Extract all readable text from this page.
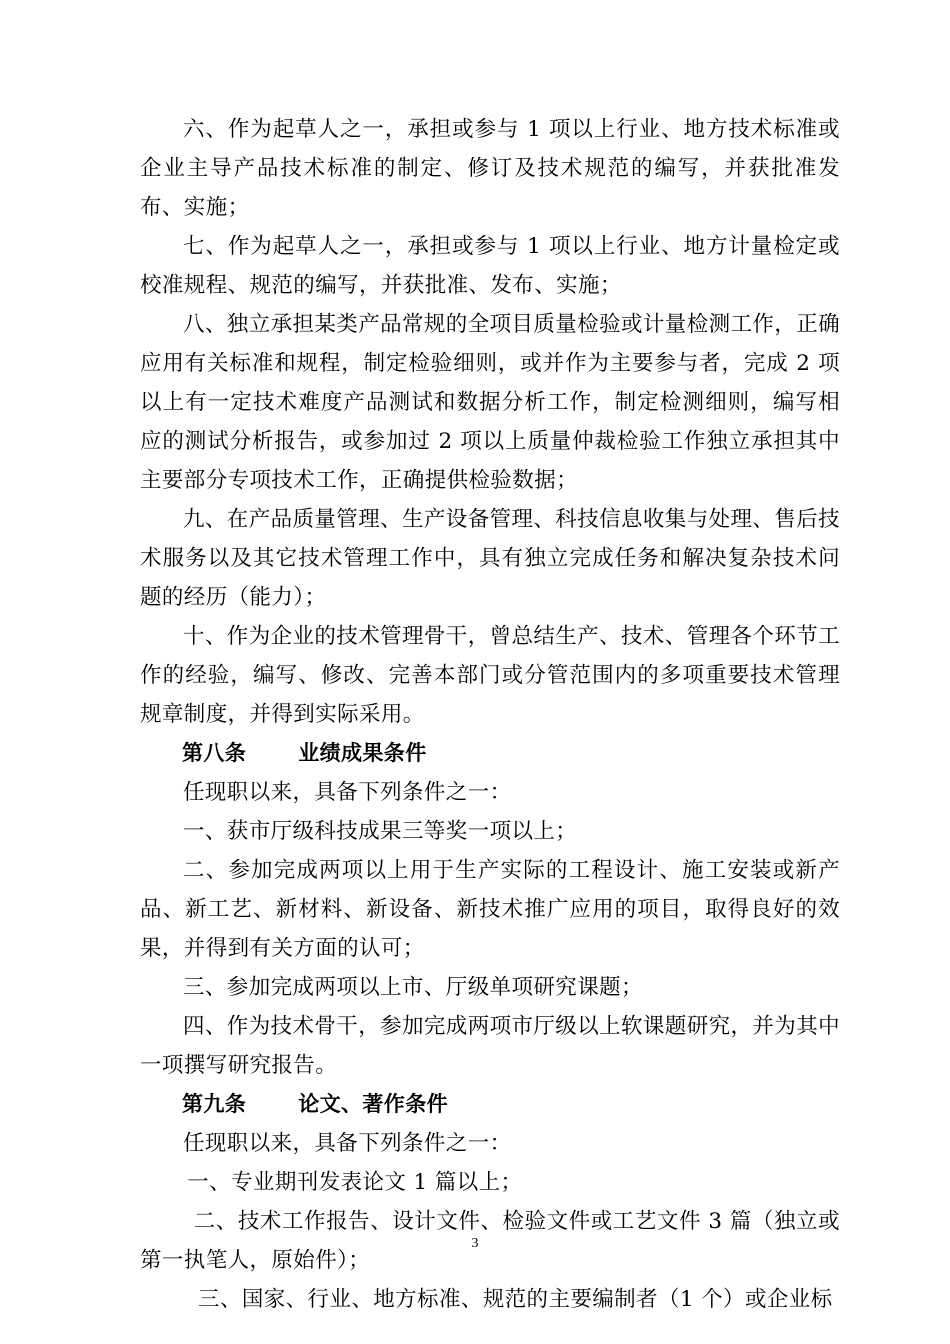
六、作为起草人之一，承担或参与 1 项以上行业、地方技术标准或企业主导产品技术标准的制定、修订及技术规范的编写，并获批准发布、实施；

七、作为起草人之一，承担或参与 1 项以上行业、地方计量检定或校准规程、规范的编写，并获批准、发布、实施；

八、独立承担某类产品常规的全项目质量检验或计量检测工作，正确应用有关标准和规程，制定检验细则，或并作为主要参与者，完成 2 项以上有一定技术难度产品测试和数据分析工作，制定检测细则，编写相应的测试分析报告，或参加过 2 项以上质量仲裁检验工作独立承担其中主要部分专项技术工作，正确提供检验数据；

九、在产品质量管理、生产设备管理、科技信息收集与处理、售后技术服务以及其它技术管理工作中，具有独立完成任务和解决复杂技术问题的经历（能力）；

十、作为企业的技术管理骨干，曾总结生产、技术、管理各个环节工作的经验，编写、修改、完善本部门或分管范围内的多项重要技术管理规章制度，并得到实际采用。

第八条 业绩成果条件

任现职以来，具备下列条件之一：

一、获市厅级科技成果三等奖一项以上；

二、参加完成两项以上用于生产实际的工程设计、施工安装或新产品、新工艺、新材料、新设备、新技术推广应用的项目，取得良好的效果，并得到有关方面的认可；

三、参加完成两项以上市、厅级单项研究课题；

四、作为技术骨干，参加完成两项市厅级以上软课题研究，并为其中一项撰写研究报告。

第九条 论文、著作条件

任现职以来，具备下列条件之一：

一、专业期刊发表论文 1 篇以上；

二、技术工作报告、设计文件、检验文件或工艺文件 3 篇（独立或第一执笔人，原始件）；

三、国家、行业、地方标准、规范的主要编制者（1 个）或企业标

3
